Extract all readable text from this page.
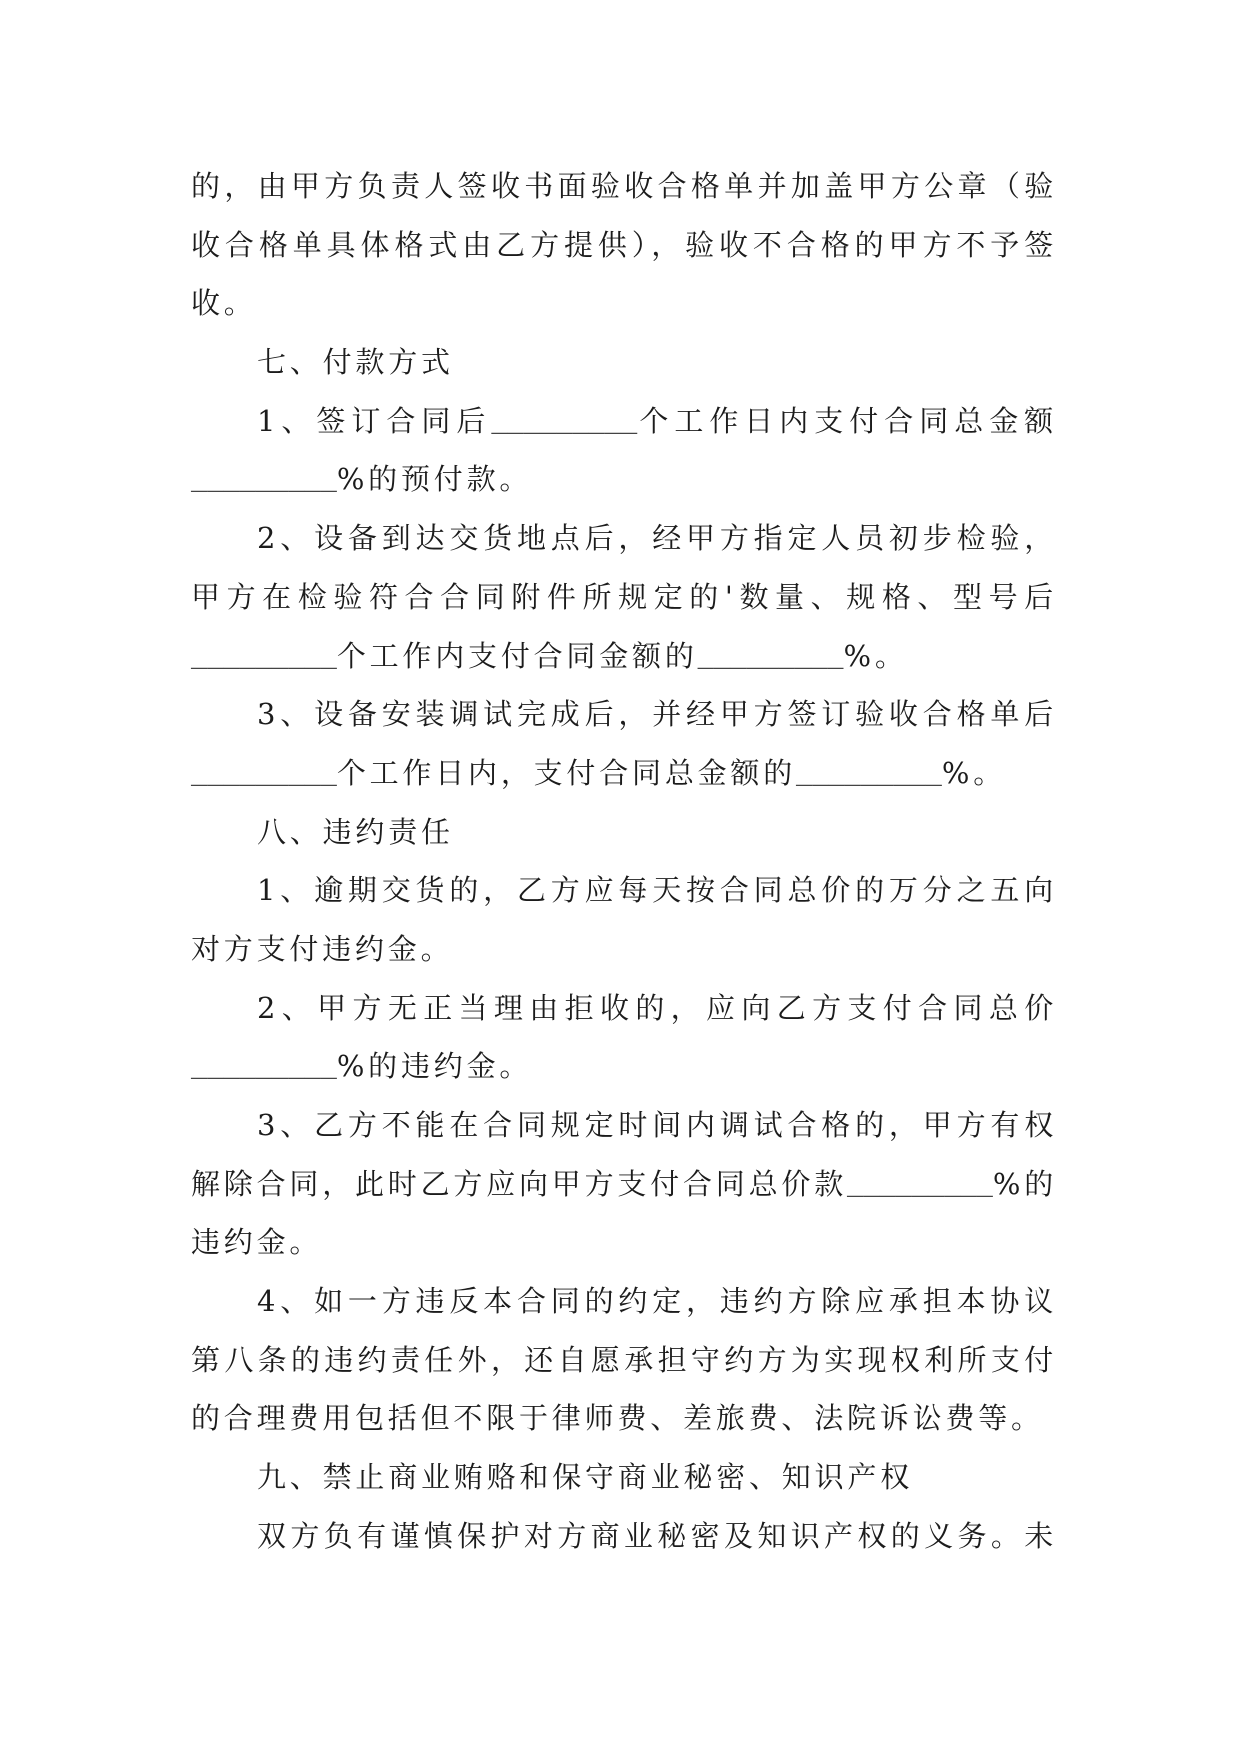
的，由甲方负责人签收书面验收合格单并加盖甲方公章（验
收合格单具体格式由乙方提供），验收不合格的甲方不予签
收。
七、付款方式
1、签订合同后_________个工作日内支付合同总金额
_________%的预付款。
2、设备到达交货地点后，经甲方指定人员初步检验，
甲方在检验符合合同附件所规定的'数量、规格、型号后
_________个工作内支付合同金额的_________%。
3、设备安装调试完成后，并经甲方签订验收合格单后
_________个工作日内，支付合同总金额的_________%。
八、违约责任
1、逾期交货的，乙方应每天按合同总价的万分之五向
对方支付违约金。
2、甲方无正当理由拒收的，应向乙方支付合同总价
_________%的违约金。
3、乙方不能在合同规定时间内调试合格的，甲方有权
解除合同，此时乙方应向甲方支付合同总价款_________%的
违约金。
4、如一方违反本合同的约定，违约方除应承担本协议
第八条的违约责任外，还自愿承担守约方为实现权利所支付
的合理费用包括但不限于律师费、差旅费、法院诉讼费等。
九、禁止商业贿赂和保守商业秘密、知识产权
双方负有谨慎保护对方商业秘密及知识产权的义务。未
